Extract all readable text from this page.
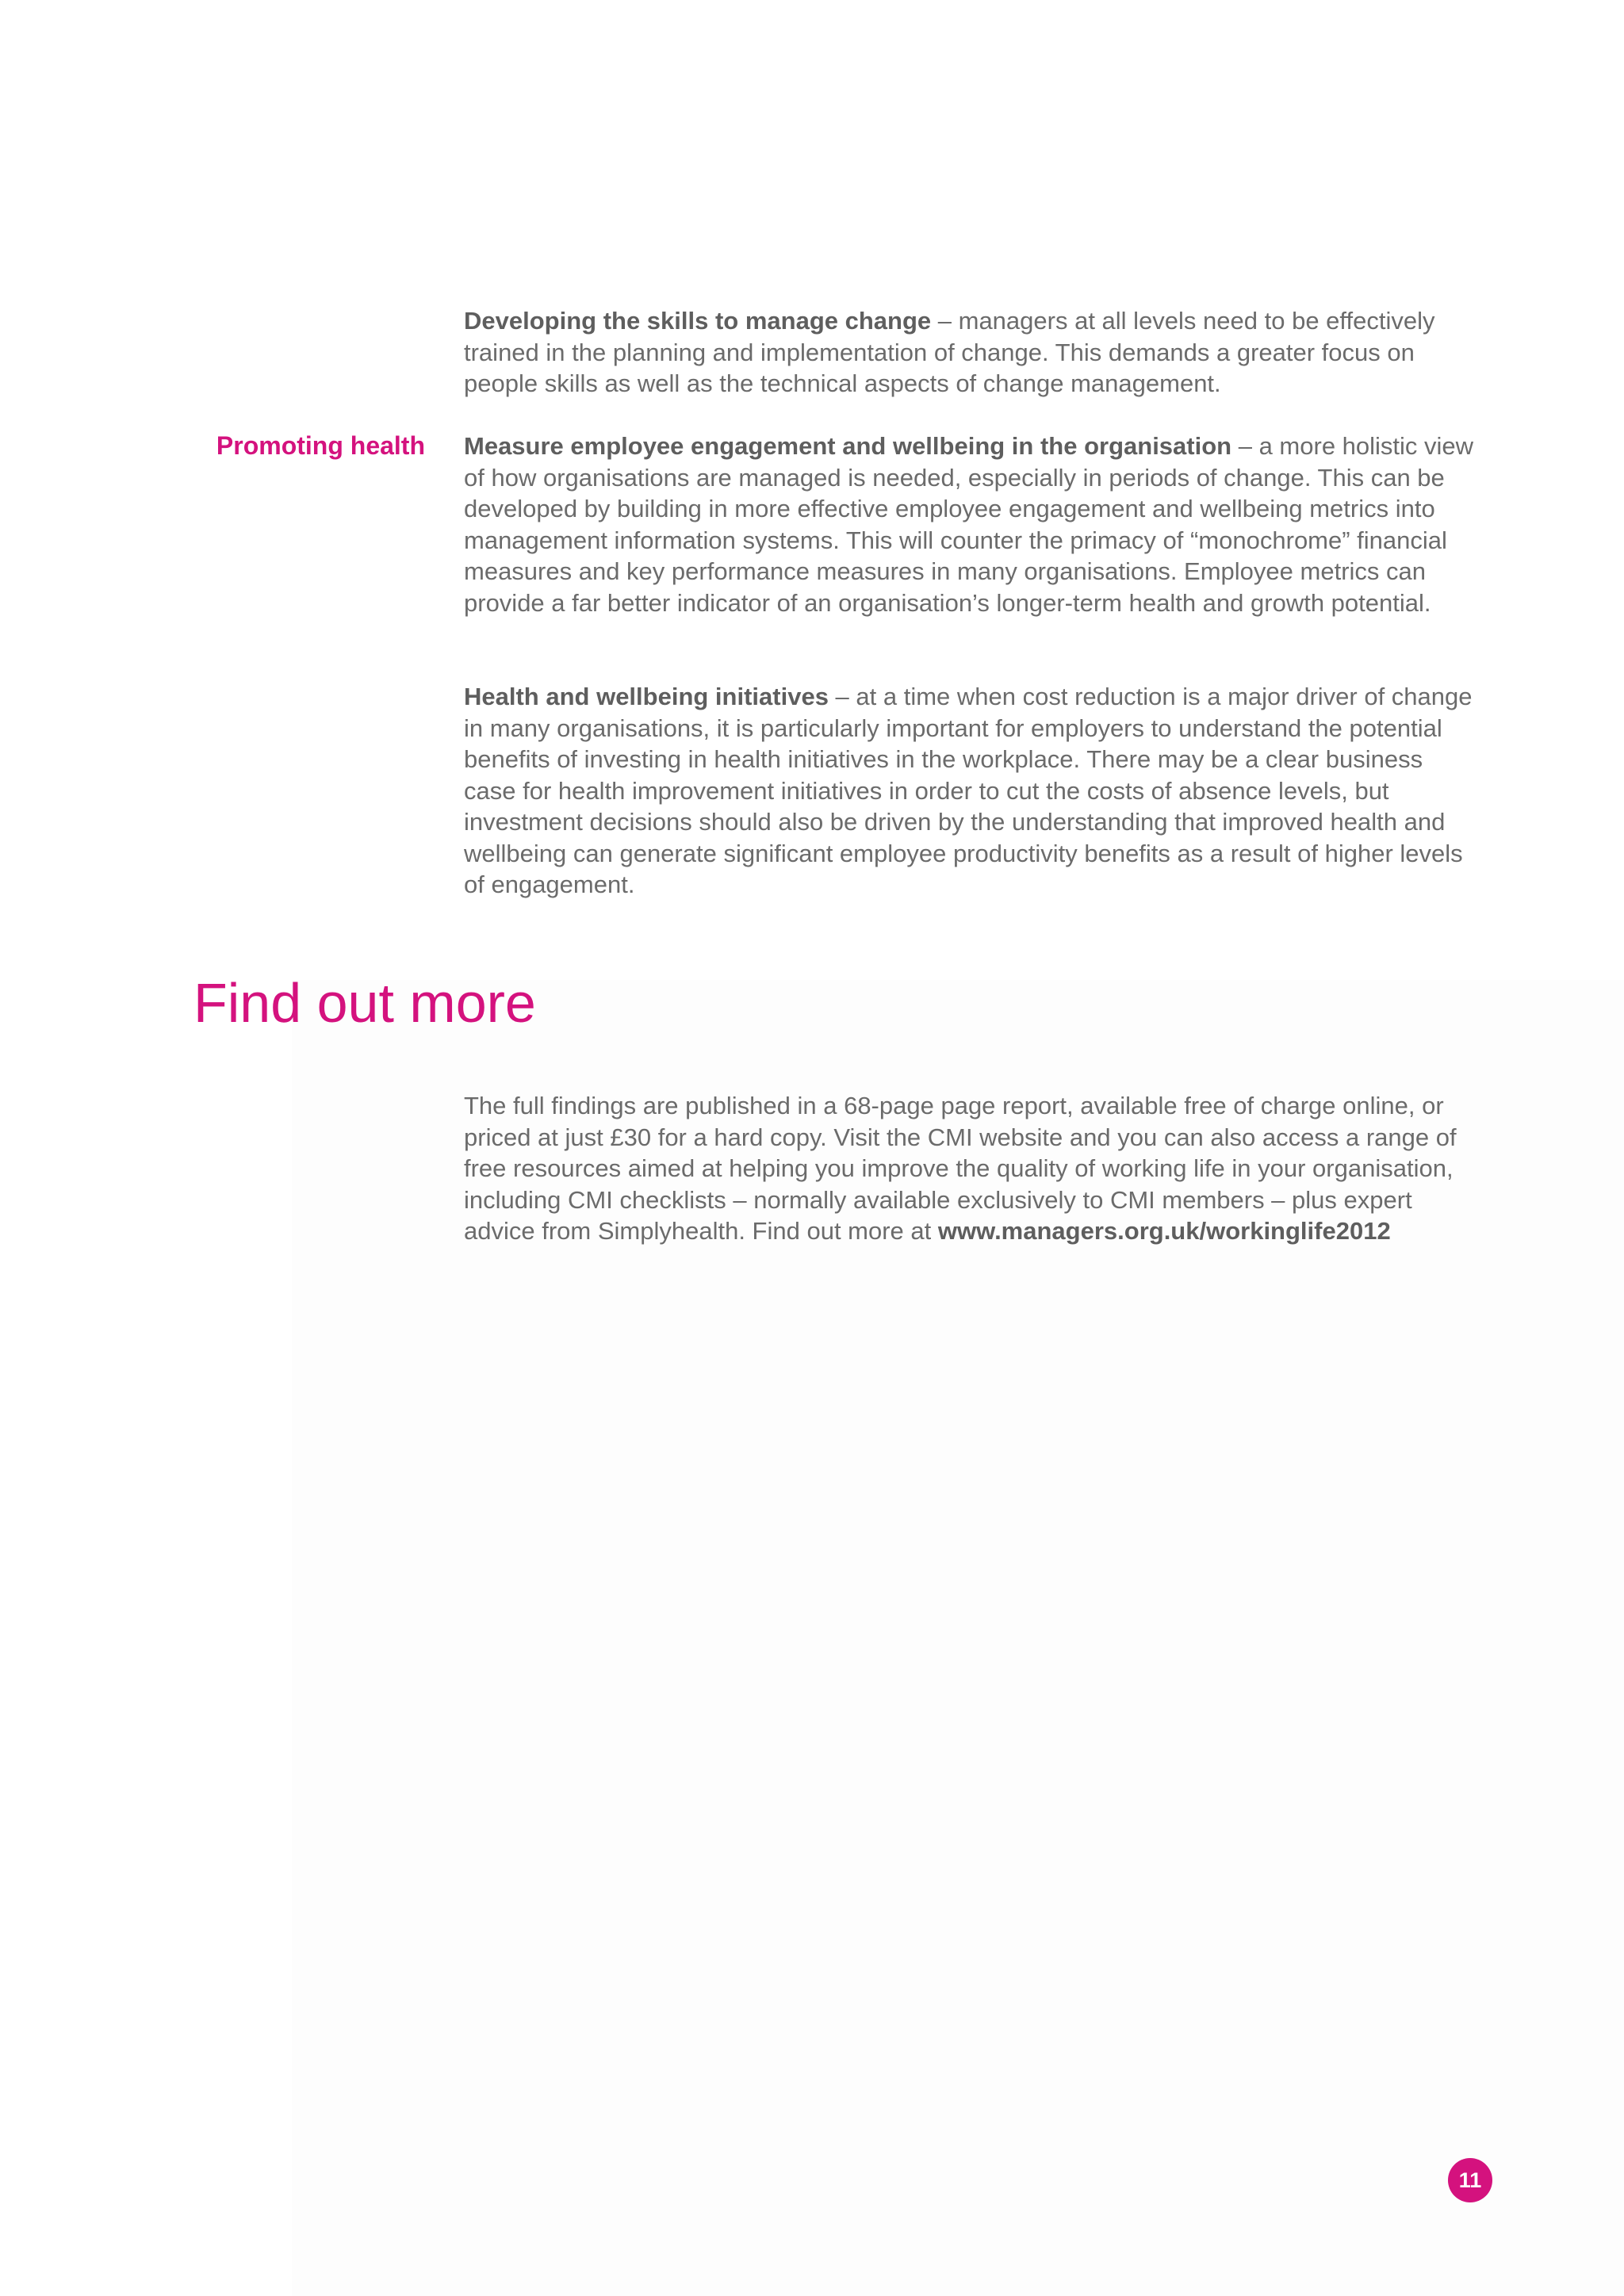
Developing the skills to manage change – managers at all levels need to be effectively trained in the planning and implementation of change. This demands a greater focus on people skills as well as the technical aspects of change management.

Promoting health Measure employee engagement and wellbeing in the organisation – a more holistic view of how organisations are managed is needed, especially in periods of change. This can be developed by building in more effective employee engagement and wellbeing metrics into management information systems. This will counter the primacy of “monochrome” financial measures and key performance measures in many organisations. Employee metrics can provide a far better indicator of an organisation’s longer-term health and growth potential.

Health and wellbeing initiatives – at a time when cost reduction is a major driver of change in many organisations, it is particularly important for employers to understand the potential benefits of investing in health initiatives in the workplace. There may be a clear business case for health improvement initiatives in order to cut the costs of absence levels, but investment decisions should also be driven by the understanding that improved health and wellbeing can generate significant employee productivity benefits as a result of higher levels of engagement.

Find out more

The full findings are published in a 68-page page report, available free of charge online, or priced at just £30 for a hard copy. Visit the CMI website and you can also access a range of free resources aimed at helping you improve the quality of working life in your organisation, including CMI checklists – normally available exclusively to CMI members – plus expert advice from Simplyhealth. Find out more at www.managers.org.uk/workinglife2012

11
